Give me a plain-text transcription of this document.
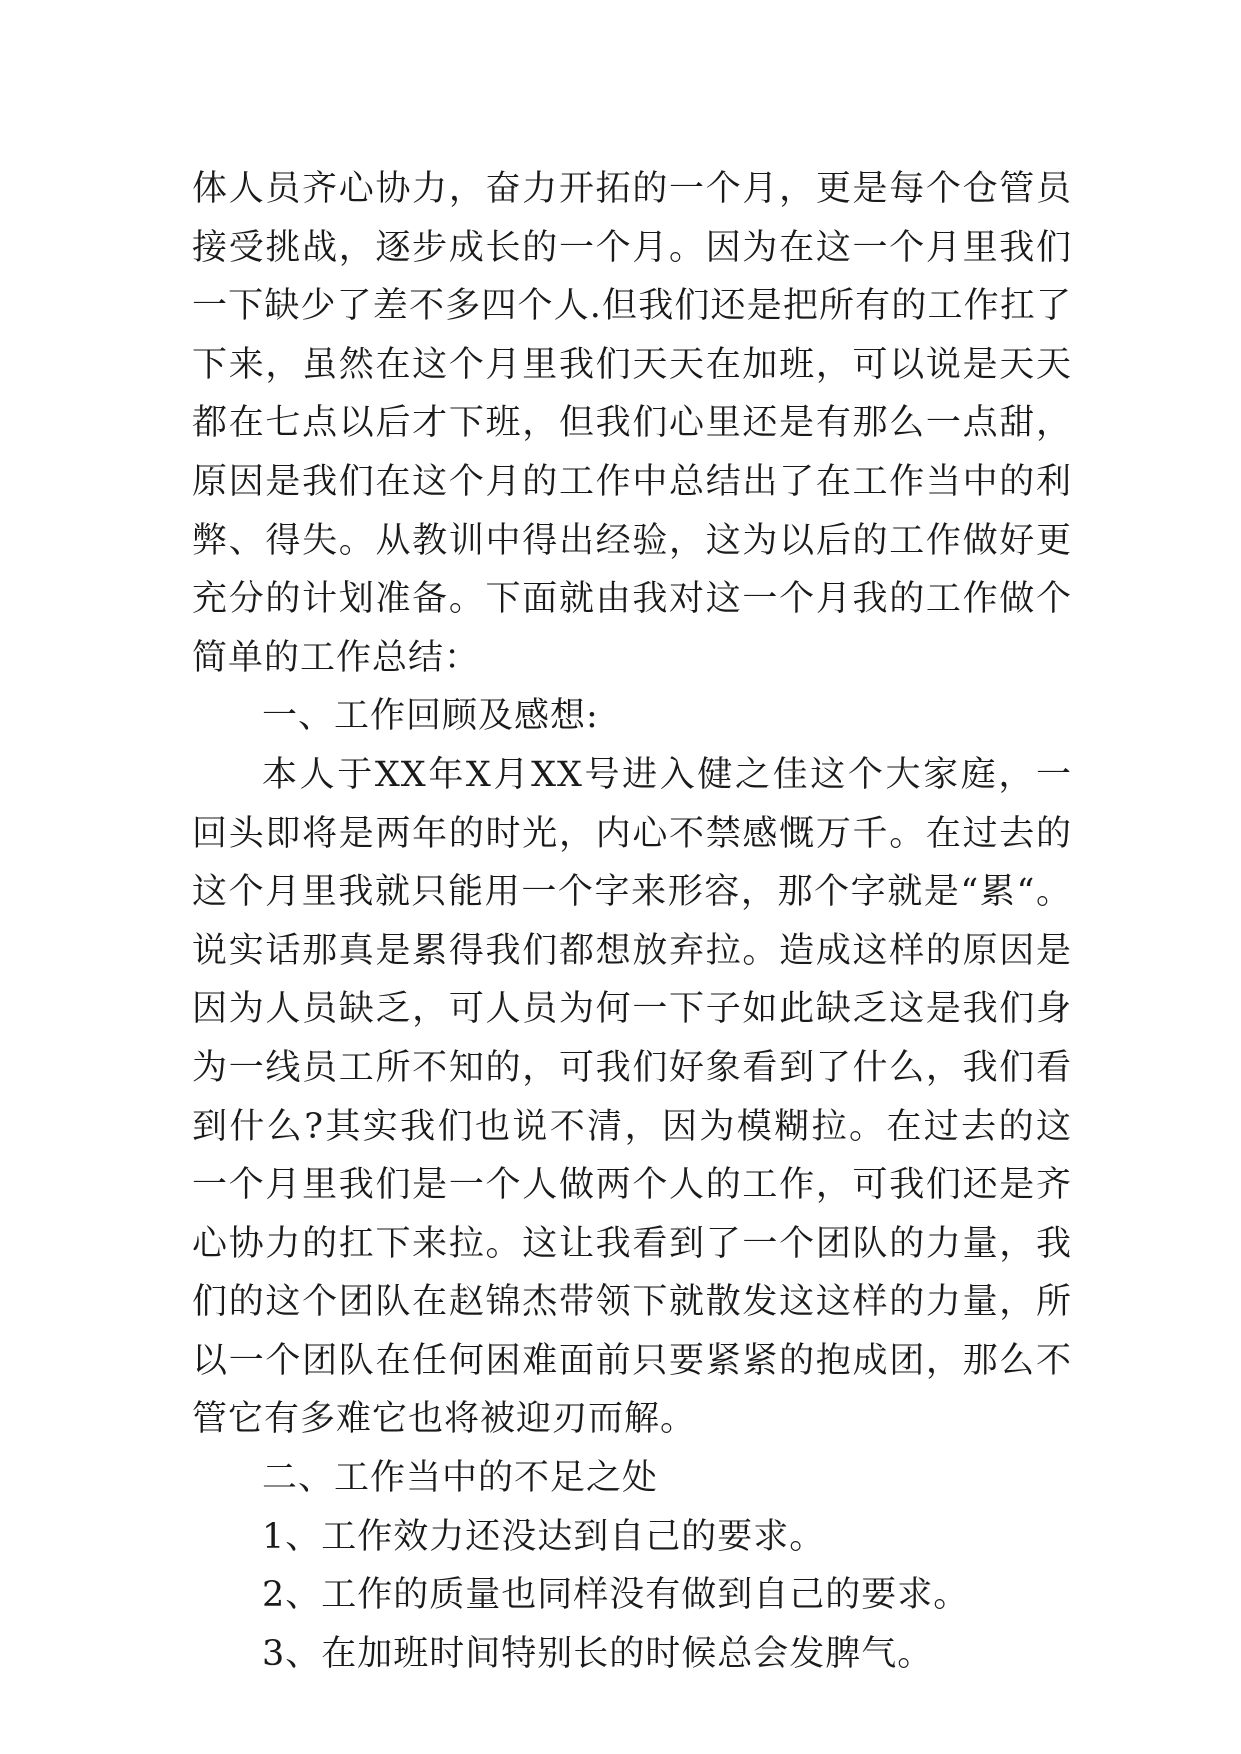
体人员齐心协力，奋力开拓的一个月，更是每个仓管员接受挑战，逐步成长的一个月。因为在这一个月里我们一下缺少了差不多四个人.但我们还是把所有的工作扛了下来，虽然在这个月里我们天天在加班，可以说是天天都在七点以后才下班，但我们心里还是有那么一点甜，原因是我们在这个月的工作中总结出了在工作当中的利弊、得失。从教训中得出经验，这为以后的工作做好更充分的计划准备。下面就由我对这一个月我的工作做个简单的工作总结：

一、工作回顾及感想:

本人于XX年X月XX号进入健之佳这个大家庭，一回头即将是两年的时光，内心不禁感慨万千。在过去的这个月里我就只能用一个字来形容，那个字就是“累“。说实话那真是累得我们都想放弃拉。造成这样的原因是因为人员缺乏，可人员为何一下子如此缺乏这是我们身为一线员工所不知的，可我们好象看到了什么，我们看到什么?其实我们也说不清，因为模糊拉。在过去的这一个月里我们是一个人做两个人的工作，可我们还是齐心协力的扛下来拉。这让我看到了一个团队的力量，我们的这个团队在赵锦杰带领下就散发这这样的力量，所以一个团队在任何困难面前只要紧紧的抱成团，那么不管它有多难它也将被迎刃而解。

二、工作当中的不足之处

1、工作效力还没达到自己的要求。

2、工作的质量也同样没有做到自己的要求。

3、在加班时间特别长的时候总会发脾气。
